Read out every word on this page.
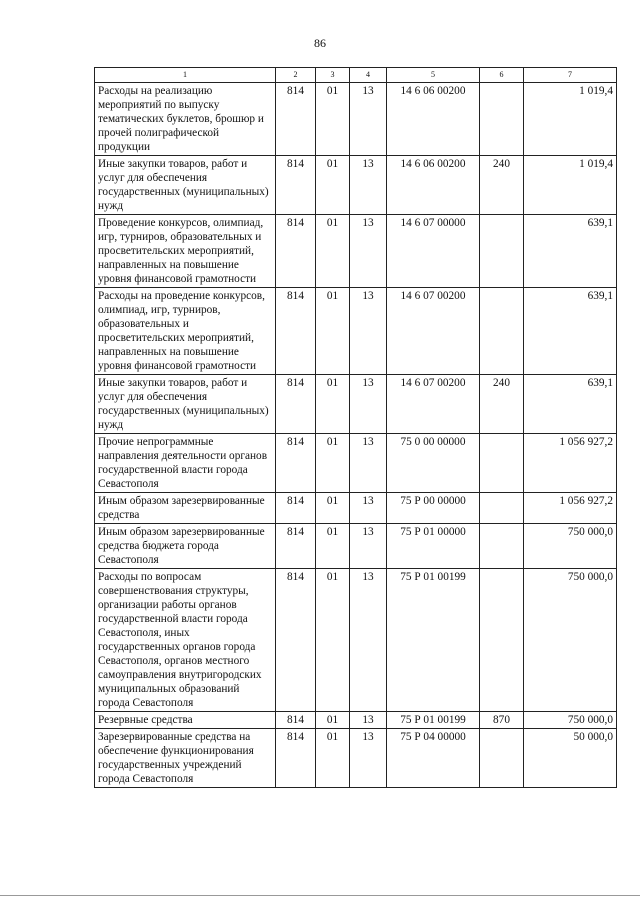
86
1	2	3	4	5	6	7
Расходы на реализацию мероприятий по выпуску тематических буклетов, брошюр и прочей полиграфической продукции	814	01	13	14 6 06 00200		1 019,4
Иные закупки товаров, работ и услуг для обеспечения государственных (муниципальных) нужд	814	01	13	14 6 06 00200	240	1 019,4
Проведение конкурсов, олимпиад, игр, турниров, образовательных и просветительских мероприятий, направленных на повышение уровня финансовой грамотности	814	01	13	14 6 07 00000		639,1
Расходы на проведение конкурсов, олимпиад, игр, турниров, образовательных и просветительских мероприятий, направленных на повышение уровня финансовой грамотности	814	01	13	14 6 07 00200		639,1
Иные закупки товаров, работ и услуг для обеспечения государственных (муниципальных) нужд	814	01	13	14 6 07 00200	240	639,1
Прочие непрограммные направления деятельности органов государственной власти города Севастополя	814	01	13	75 0 00 00000		1 056 927,2
Иным образом зарезервированные средства	814	01	13	75 Р 00 00000		1 056 927,2
Иным образом зарезервированные средства бюджета города Севастополя	814	01	13	75 Р 01 00000		750 000,0
Расходы по вопросам совершенствования структуры, организации работы органов государственной власти города Севастополя, иных государственных органов города Севастополя, органов местного самоуправления внутригородских муниципальных образований города Севастополя	814	01	13	75 Р 01 00199		750 000,0
Резервные средства	814	01	13	75 Р 01 00199	870	750 000,0
Зарезервированные средства на обеспечение функционирования государственных учреждений города Севастополя	814	01	13	75 Р 04 00000		50 000,0
